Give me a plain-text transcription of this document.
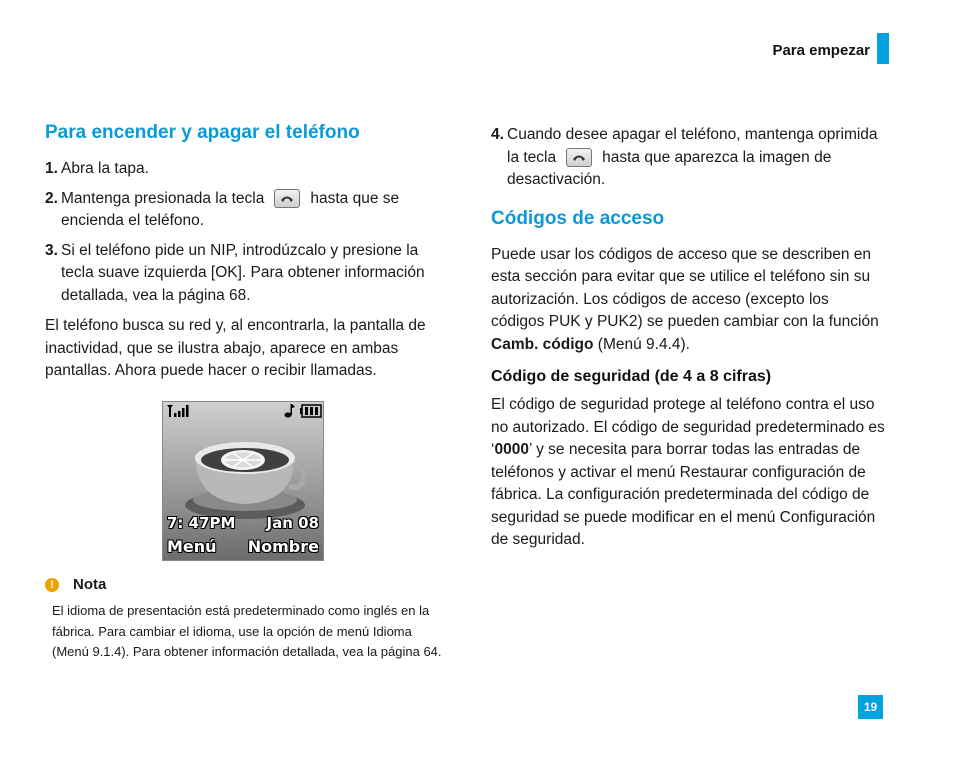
Para empezar
Para encender y apagar el teléfono
1. Abra la tapa.
2. Mantenga presionada la tecla	hasta que se encienda el teléfono.
3. Si el teléfono pide un NIP, introdúzcalo y presione la tecla suave izquierda [OK]. Para obtener información detallada, vea la página 68.

El teléfono busca su red y, al encontrarla, la pantalla de inactividad, que se ilustra abajo, aparece en ambas pantallas. Ahora puede hacer o recibir llamadas.

7: 47PM Jan 08
Menú Nombre
!	Nota
El idioma de presentación está predeterminado como inglés en la fábrica. Para cambiar el idioma, use la opción de menú Idioma (Menú 9.1.4). Para obtener información detallada, vea la página 64.
4. Cuando desee apagar el teléfono, mantenga oprimida la tecla	hasta que aparezca la imagen de desactivación.
Códigos de acceso

Puede usar los códigos de acceso que se describen en esta sección para evitar que se utilice el teléfono sin su autorización. Los códigos de acceso (excepto los códigos PUK y PUK2) se pueden cambiar con la función Camb. código (Menú 9.4.4).

Código de seguridad (de 4 a 8 cifras)

El código de seguridad protege al teléfono contra el uso no autorizado. El código de seguridad predeterminado es ‘0000’ y se necesita para borrar todas las entradas de teléfonos y activar el menú Restaurar configuración de fábrica. La configuración predeterminada del código de seguridad se puede modificar en el menú Configuración de seguridad.

19
